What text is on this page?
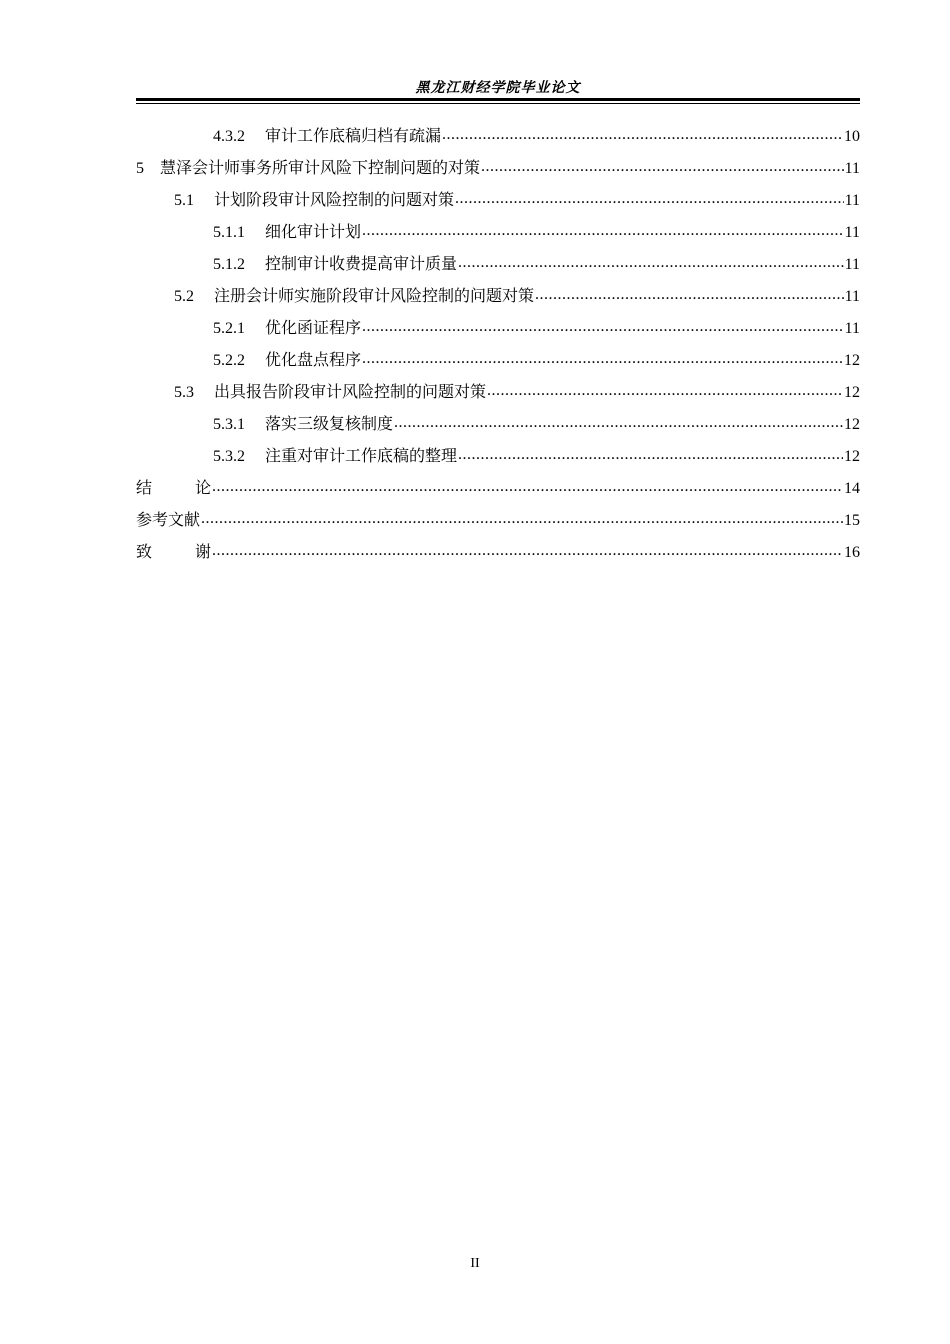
黑龙江财经学院毕业论文
4.3.2 审计工作底稿归档有疏漏 .....	10
5 慧泽会计师事务所审计风险下控制问题的对策 .....	11
5.1 计划阶段审计风险控制的问题对策 .....	11
5.1.1 细化审计计划 .....	11
5.1.2 控制审计收费提高审计质量 .....	11
5.2 注册会计师实施阶段审计风险控制的问题对策 .....	11
5.2.1 优化函证程序 .....	11
5.2.2 优化盘点程序 .....	12
5.3 出具报告阶段审计风险控制的问题对策 .....	12
5.3.1 落实三级复核制度 .....	12
5.3.2 注重对审计工作底稿的整理 .....	12
结论 .....	14
参考文献 .....	15
致谢 .....	16
II
